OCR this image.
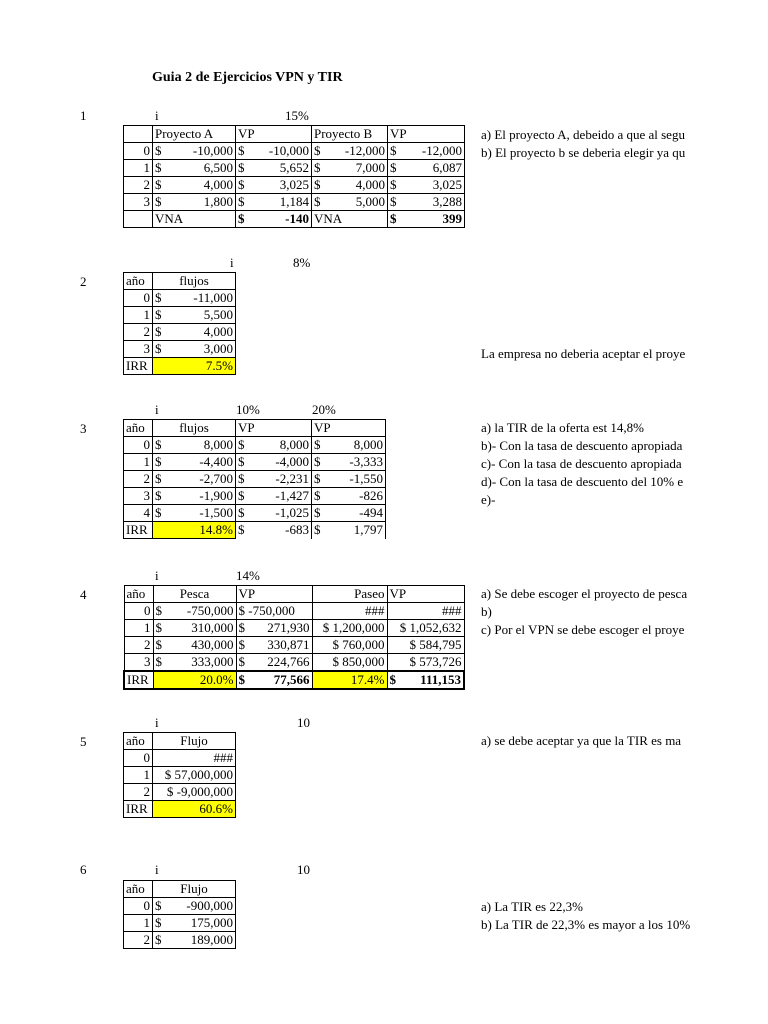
Guia 2 de Ejercicios VPN y TIR
1	i	15%
	Proyecto A	VP	Proyecto B	VP
0	$ -10,000	$ -10,000	$ -12,000	$ -12,000

1	$ 6,500	$ 5,652	$ 7,000	$ 6,087

2	$ 4,000	$ 3,025	$ 4,000	$ 3,025

3	$ 1,800	$ 1,184	$ 5,000	$ 3,288

	VNA	$ -140	VNA	$ 399
a) El proyecto A, debeido a que al segu
b) El proyecto b se deberia elegir ya qu
i	8%
2	año	flujos
0	$ -11,000

1	$ 5,500

2	$ 4,000

3	$ 3,000

IRR	7.5%
La empresa no deberia aceptar el proye
i	10%	20%
3	año	flujos	VP	VP
0	$ 8,000	$ 8,000	$ 8,000

1	$ -4,400	$ -4,000	$ -3,333

2	$ -2,700	$ -2,231	$ -1,550

3	$ -1,900	$ -1,427	$ -826

4	$ -1,500	$ -1,025	$ -494

IRR	14.8%	$ -683	$ 1,797
a) la TIR de la oferta est 14,8%
b)- Con la tasa de descuento apropiada
c)- Con la tasa de descuento apropiada
d)- Con la tasa de descuento del 10% e
e)-
i	14%
4	año	Pesca	VP	Paseo	VP
0	$ -750,000	$ -750,000	###	###
1	$ 310,000	$ 271,930	$ 1,200,000	$ 1,052,632
2	$ 430,000	$ 330,871	$ 760,000	$ 584,795
3	$ 333,000	$ 224,766	$ 850,000	$ 573,726
IRR	20.0%	$ 77,566	17.4%	$ 111,153
a) Se debe escoger el proyecto de pesca
b)
c) Por el VPN se debe escoger el proye
i	10
5	año	Flujo
0	###
1	$ 57,000,000
2	$ -9,000,000
IRR	60.6%
a) se debe aceptar ya que la TIR es ma
6	i	10
año	Flujo
0	$ -900,000

1	$ 175,000

2	$ 189,000
a) La TIR es 22,3%
b) La TIR de 22,3% es mayor a los 10%
